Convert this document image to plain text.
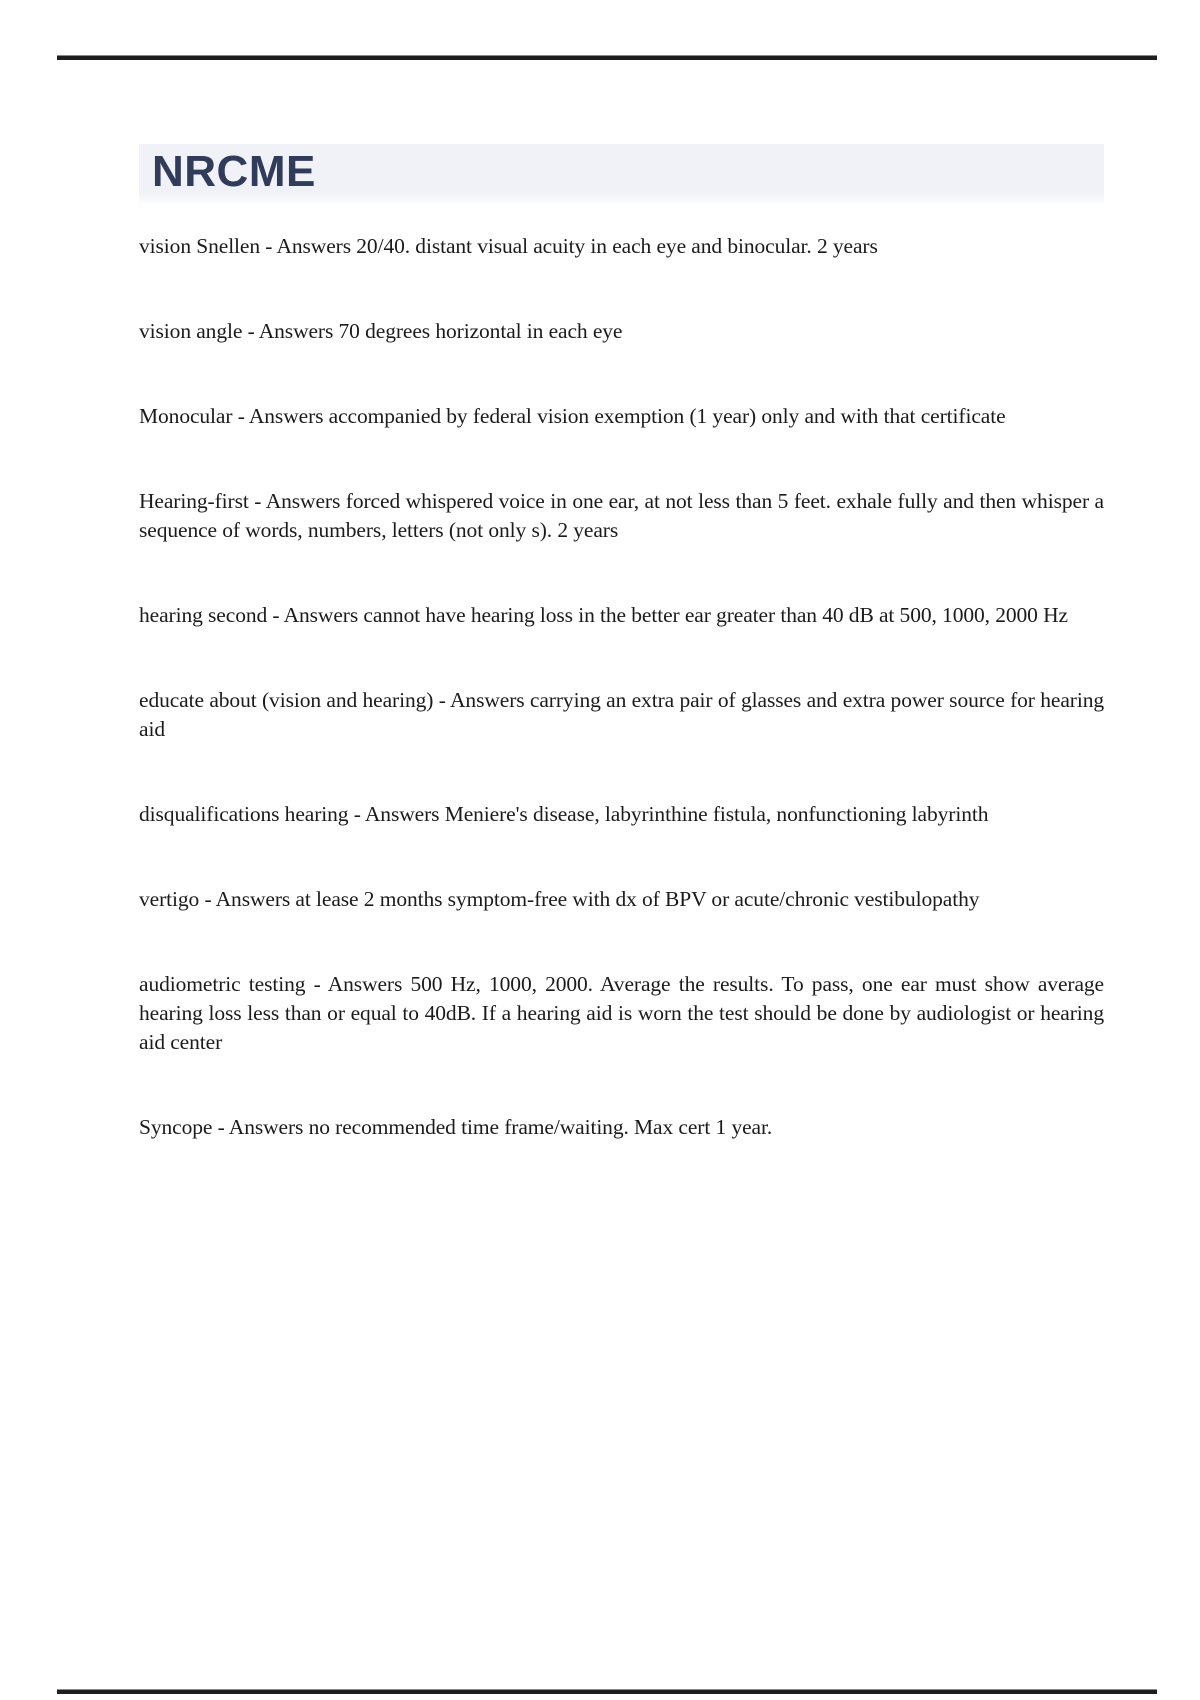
NRCME

vision Snellen - Answers 20/40. distant visual acuity in each eye and binocular. 2 years

vision angle - Answers 70 degrees horizontal in each eye

Monocular - Answers accompanied by federal vision exemption (1 year) only and with that certificate

Hearing-first - Answers forced whispered voice in one ear, at not less than 5 feet. exhale fully and then whisper a sequence of words, numbers, letters (not only s). 2 years

hearing second - Answers cannot have hearing loss in the better ear greater than 40 dB at 500, 1000, 2000 Hz

educate about (vision and hearing) - Answers carrying an extra pair of glasses and extra power source for hearing aid

disqualifications hearing - Answers Meniere's disease, labyrinthine fistula, nonfunctioning labyrinth

vertigo - Answers at lease 2 months symptom-free with dx of BPV or acute/chronic vestibulopathy

audiometric testing - Answers 500 Hz, 1000, 2000. Average the results. To pass, one ear must show average hearing loss less than or equal to 40dB. If a hearing aid is worn the test should be done by audiologist or hearing aid center

Syncope - Answers no recommended time frame/waiting. Max cert 1 year.
